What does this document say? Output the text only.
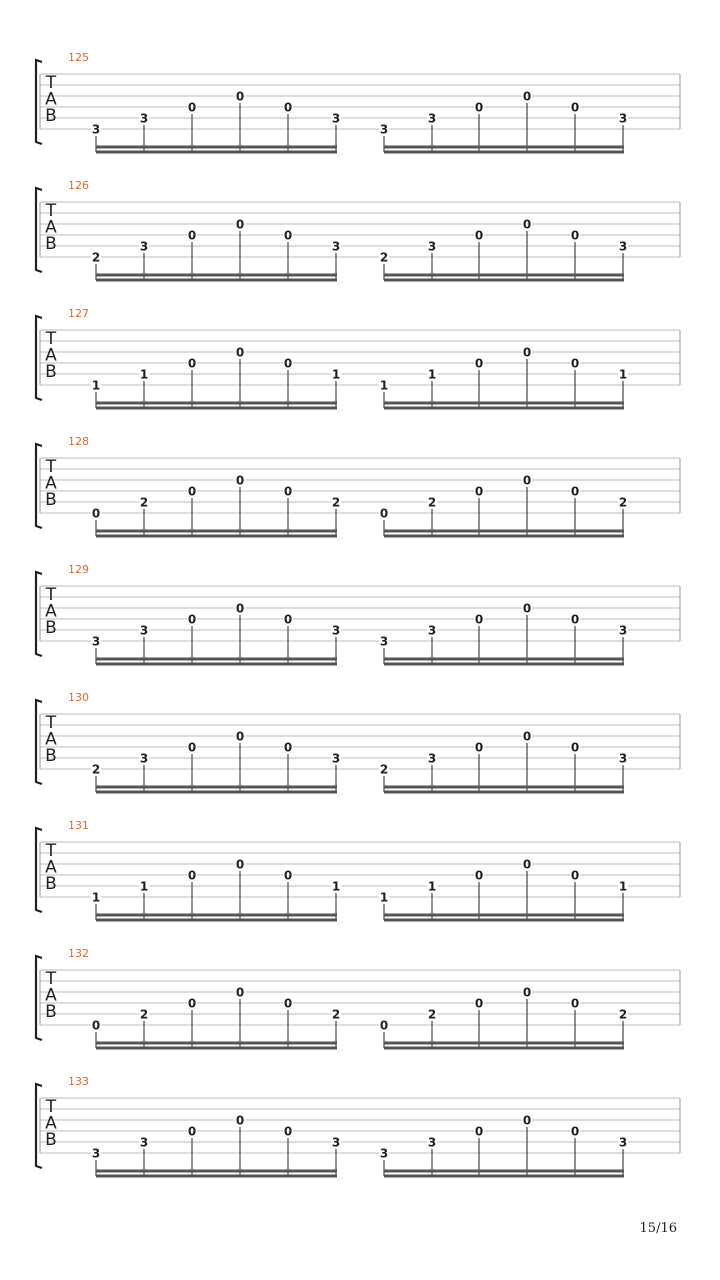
125
T
A
B
3
3
0
0
0
3
3
3
0
0
0
3
126
T
A
B
2
3
0
0
0
3
2
3
0
0
0
3
127
T
A
B
1
1
0
0
0
1
1
1
0
0
0
1
128
T
A
B
0
2
0
0
0
2
0
2
0
0
0
2
129
T
A
B
3
3
0
0
0
3
3
3
0
0
0
3
130
T
A
B
2
3
0
0
0
3
2
3
0
0
0
3
131
T
A
B
1
1
0
0
0
1
1
1
0
0
0
1
132
T
A
B
0
2
0
0
0
2
0
2
0
0
0
2
133
T
A
B
3
3
0
0
0
3
3
3
0
0
0
3
15/16
